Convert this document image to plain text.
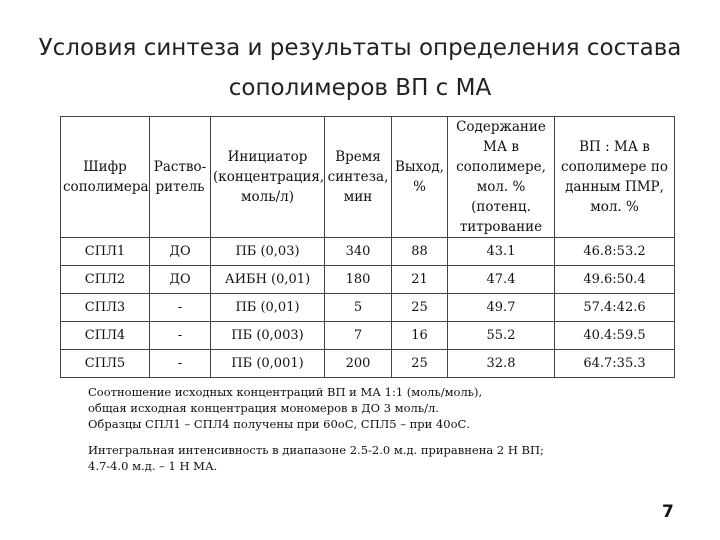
Условия синтеза и результаты определения состава
сополимеров ВП с МА
Шифр сополимера	Раство-ритель	Инициатор (концентрация, моль/л)	Время синтеза, мин	Выход, %	Содержание МА в сополимере, мол. % (потенц. титрование	ВП : МА в сополимере по данным ПМР, мол. %
СПЛ1	ДО	ПБ (0,03)	340	88	43.1	46.8:53.2
СПЛ2	ДО	АИБН (0,01)	180	21	47.4	49.6:50.4
СПЛ3	-	ПБ (0,01)	5	25	49.7	57.4:42.6
СПЛ4	-	ПБ (0,003)	7	16	55.2	40.4:59.5
СПЛ5	-	ПБ (0,001)	200	25	32.8	64.7:35.3

Соотношение исходных концентраций ВП и МА 1:1 (моль/моль),

общая исходная концентрация мономеров в ДО 3 моль/л.

Образцы СПЛ1 – СПЛ4 получены при 60оС, СПЛ5 – при 40оС.

Интегральная интенсивность в диапазоне 2.5-2.0 м.д. приравнена 2 Н ВП;

4.7-4.0 м.д. – 1 Н МА.

7
